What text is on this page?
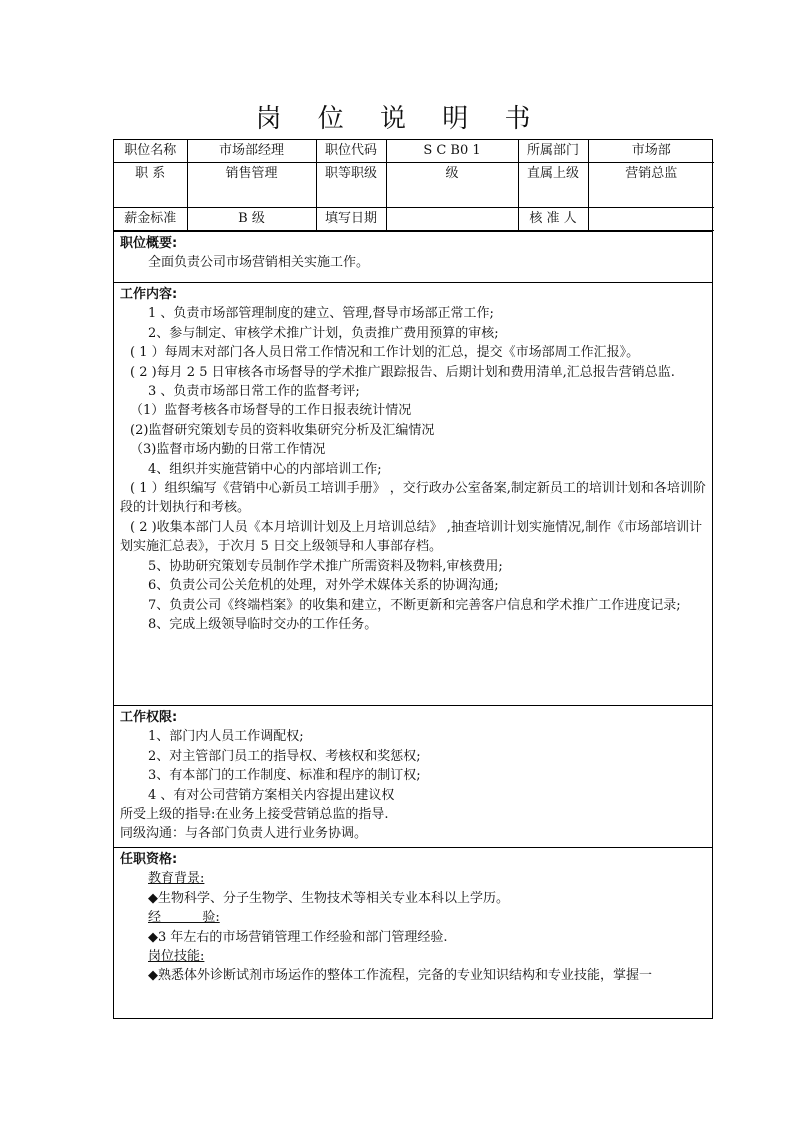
岗 位 说 明 书
职位名称	市场部经理	职位代码	S C B0 1	所属部门	市场部
职 系	销售管理	职等职级	级	直属上级	营销总监
薪金标准	B 级	填写日期		核 准 人	
职位概要:
全面负责公司市场营销相关实施工作。
工作内容:
1 、负责市场部管理制度的建立、管理,督导市场部正常工作;
2、参与制定、审核学术推广计划，负责推广费用预算的审核;
( 1 ）每周末对部门各人员日常工作情况和工作计划的汇总，提交《市场部周工作汇报》。
( 2 )每月 2 5 日审核各市场督导的学术推广跟踪报告、后期计划和费用清单,汇总报告营销总监.
3 、负责市场部日常工作的监督考评;
（1）监督考核各市场督导的工作日报表统计情况
(2)监督研究策划专员的资料收集研究分析及汇编情况
（3)监督市场内勤的日常工作情况
4、组织并实施营销中心的内部培训工作;
( 1 ）组织编写《营销中心新员工培训手册》 ，交行政办公室备案,制定新员工的培训计划和各培训阶段的计划执行和考核。
( 2 )收集本部门人员《本月培训计划及上月培训总结》 ,抽查培训计划实施情况,制作《市场部培训计划实施汇总表》，于次月 5 日交上级领导和人事部存档。
5、协助研究策划专员制作学术推广所需资料及物料,审核费用;
6、负责公司公关危机的处理，对外学术媒体关系的协调沟通;
7、负责公司《终端档案》的收集和建立，不断更新和完善客户信息和学术推广工作进度记录;
8、完成上级领导临时交办的工作任务。
工作权限:
1、部门内人员工作调配权;
2、对主管部门员工的指导权、考核权和奖惩权;
3、有本部门的工作制度、标准和程序的制订权;
4 、有对公司营销方案相关内容提出建议权
所受上级的指导:在业务上接受营销总监的指导.
同级沟通：与各部门负责人进行业务协调。
任职资格:
教育背景:
◆生物科学、分子生物学、生物技术等相关专业本科以上学历。
经          验:
◆3 年左右的市场营销管理工作经验和部门管理经验.
岗位技能:
◆熟悉体外诊断试剂市场运作的整体工作流程，完备的专业知识结构和专业技能，掌握一
